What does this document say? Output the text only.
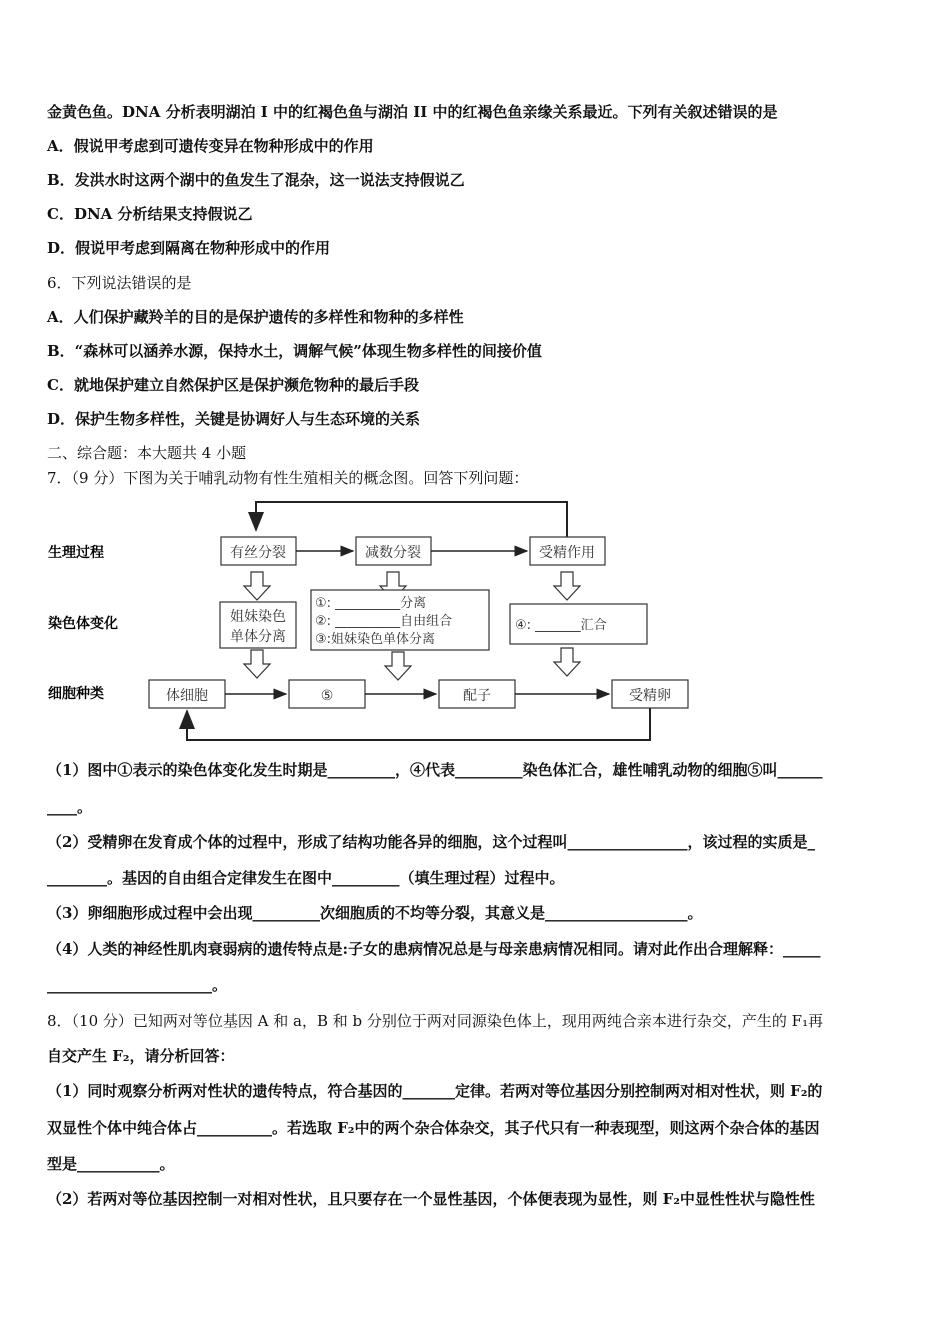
金黄色鱼。DNA 分析表明湖泊 I 中的红褐色鱼与湖泊 II 中的红褐色鱼亲缘关系最近。下列有关叙述错误的是
A．假说甲考虑到可遗传变异在物种形成中的作用
B．发洪水时这两个湖中的鱼发生了混杂，这一说法支持假说乙
C．DNA 分析结果支持假说乙
D．假说甲考虑到隔离在物种形成中的作用
6．下列说法错误的是
A．人们保护藏羚羊的目的是保护遗传的多样性和物种的多样性
B．“森林可以涵养水源，保持水土，调解气候”体现生物多样性的间接价值
C．就地保护建立自然保护区是保护濒危物种的最后手段
D．保护生物多样性，关键是协调好人与生态环境的关系
二、综合题：本大题共 4 小题
7．（9 分）下图为关于哺乳动物有性生殖相关的概念图。回答下列问题：
（1）图中①表示的染色体变化发生时期是_________，④代表_________染色体汇合，雄性哺乳动物的细胞⑤叫______
____。
（2）受精卵在发育成个体的过程中，形成了结构功能各异的细胞，这个过程叫________________，该过程的实质是_
________。基因的自由组合定律发生在图中_________（填生理过程）过程中。
（3）卵细胞形成过程中会出现_________次细胞质的不均等分裂，其意义是___________________。
（4）人类的神经性肌肉衰弱病的遗传特点是:子女的患病情况总是与母亲患病情况相同。请对此作出合理解释：_____
______________________。
8．（10 分）已知两对等位基因 A 和 a，B 和 b 分别位于两对同源染色体上，现用两纯合亲本进行杂交，产生的 F₁再
自交产生 F₂，请分析回答：
（1）同时观察分析两对性状的遗传特点，符合基因的_______定律。若两对等位基因分别控制两对相对性状，则 F₂的
双显性个体中纯合体占__________。若选取 F₂中的两个杂合体杂交，其子代只有一种表现型，则这两个杂合体的基因
型是___________。
（2）若两对等位基因控制一对相对性状，且只要存在一个显性基因，个体便表现为显性，则 F₂中显性性状与隐性性
生理过程
染色体变化
细胞种类
有丝分裂	减数分裂	受精作用
姐妹染色
单体分离
①: __________分离
②: __________自由组合
③:姐妹染色单体分离
④: _______汇合
体细胞	⑤	配子	受精卵
